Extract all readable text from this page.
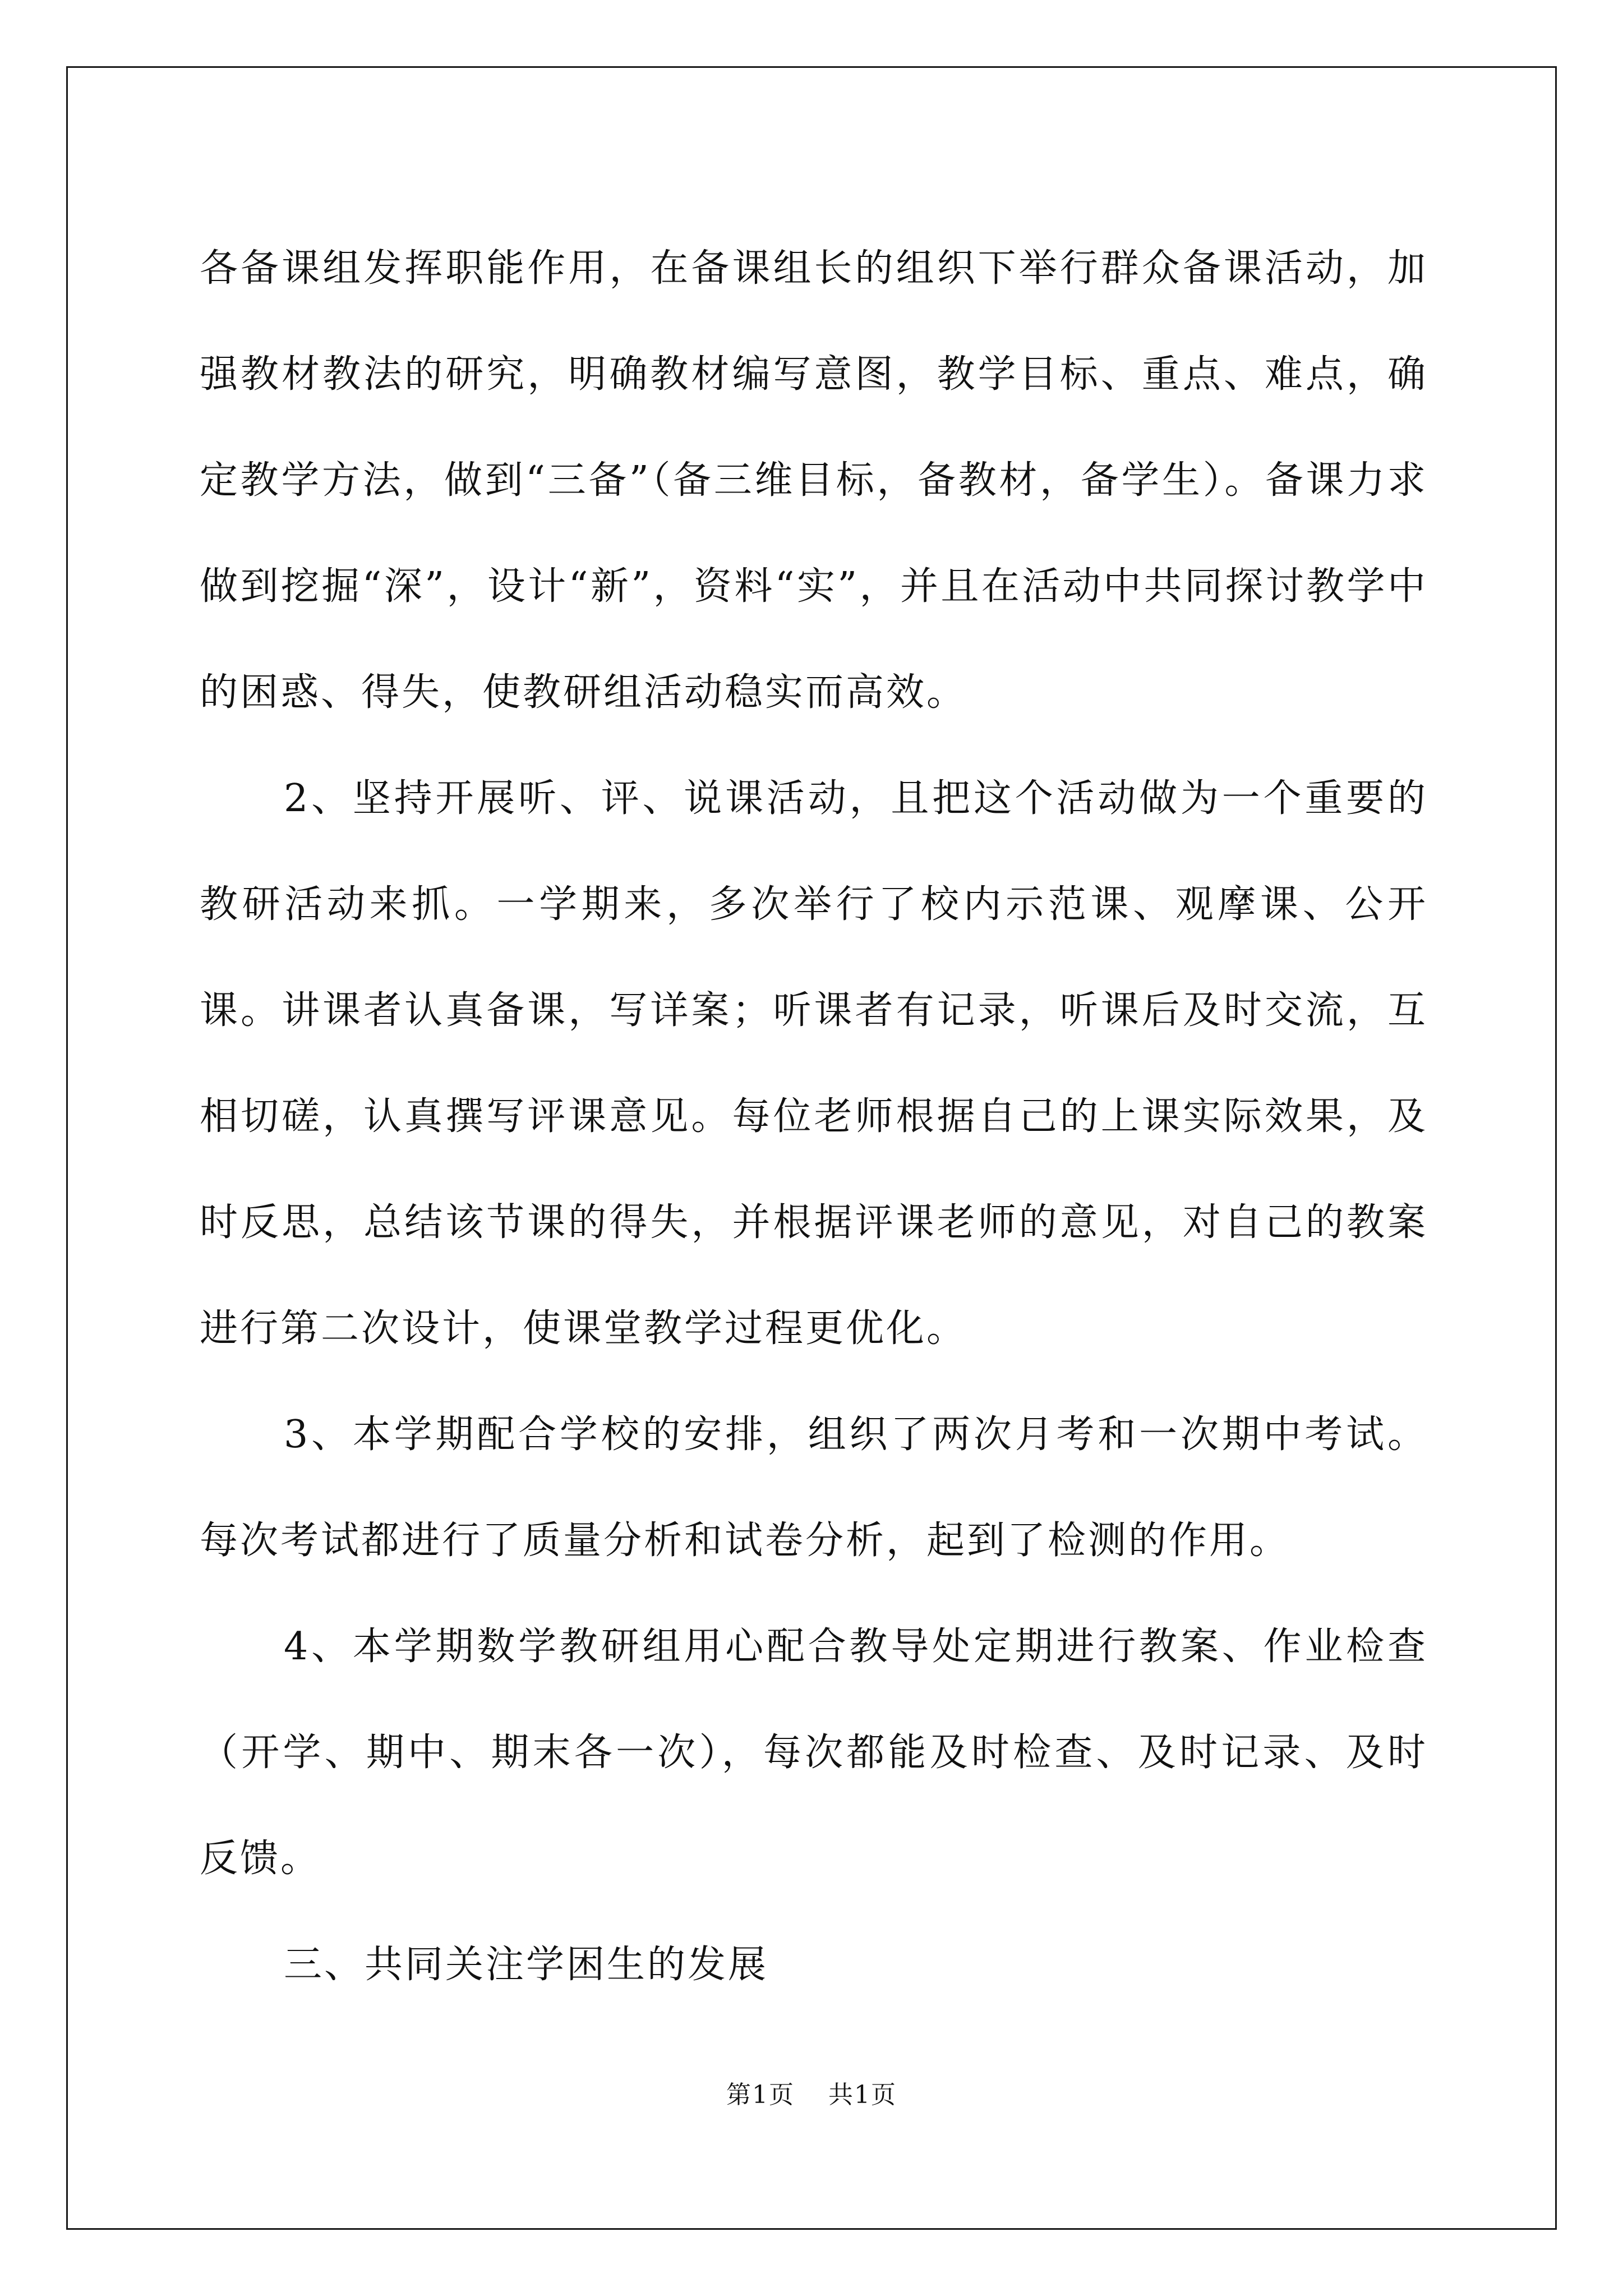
各备课组发挥职能作用，在备课组长的组织下举行群众备课活动，加强教材教法的研究，明确教材编写意图，教学目标、重点、难点，确定教学方法，做到“三备”（备三维目标，备教材，备学生）。备课力求做到挖掘“深”，设计“新”，资料“实”，并且在活动中共同探讨教学中的困惑、得失，使教研组活动稳实而高效。

2、坚持开展听、评、说课活动，且把这个活动做为一个重要的教研活动来抓。一学期来，多次举行了校内示范课、观摩课、公开课。讲课者认真备课，写详案；听课者有记录，听课后及时交流，互相切磋，认真撰写评课意见。每位老师根据自己的上课实际效果，及时反思，总结该节课的得失，并根据评课老师的意见，对自己的教案进行第二次设计，使课堂教学过程更优化。

3、本学期配合学校的安排，组织了两次月考和一次期中考试。每次考试都进行了质量分析和试卷分析，起到了检测的作用。

4、本学期数学教研组用心配合教导处定期进行教案、作业检查（开学、期中、期末各一次），每次都能及时检查、及时记录、及时反馈。

三、共同关注学困生的发展

第1页 共1页
